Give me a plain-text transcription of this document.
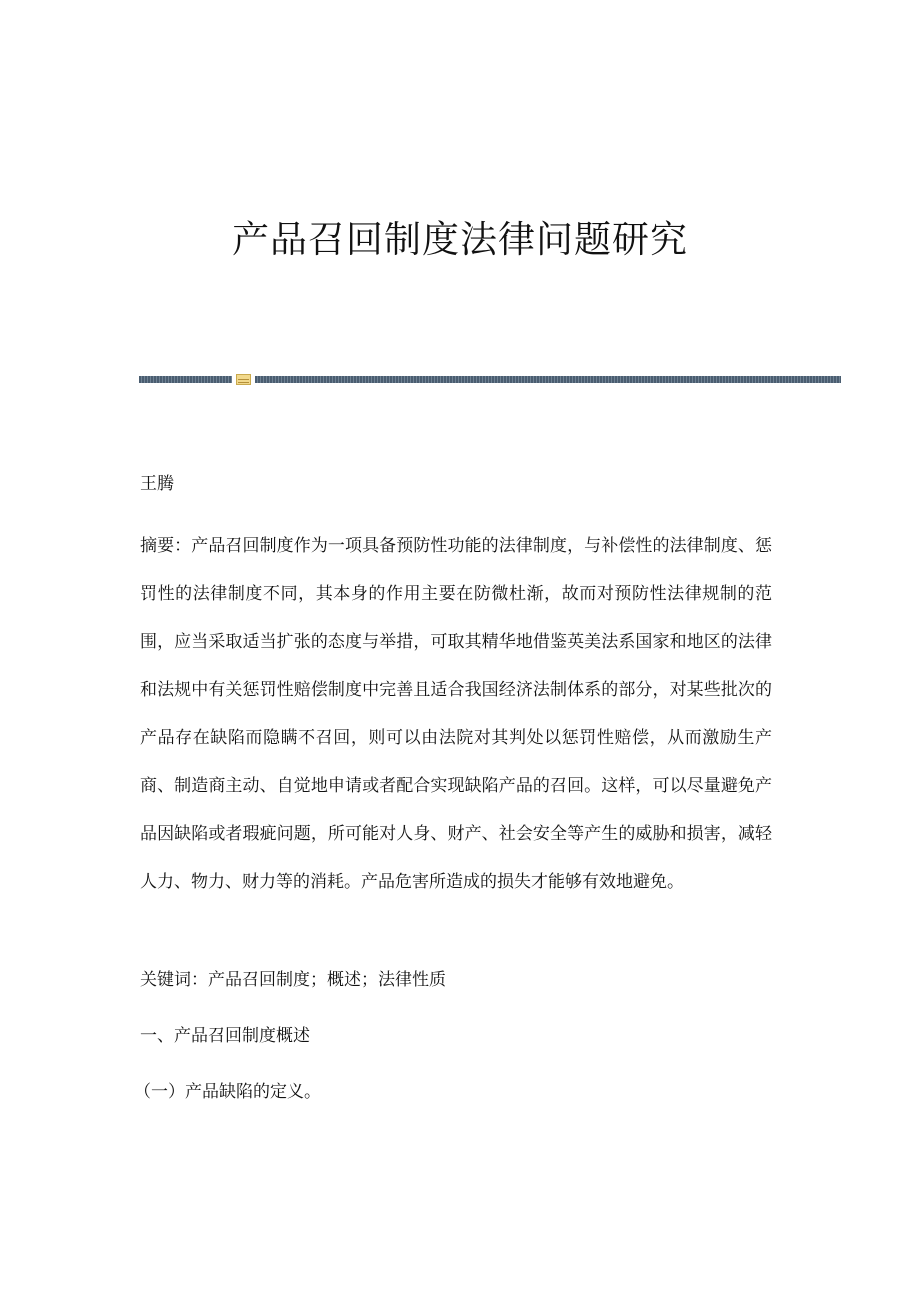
产品召回制度法律问题研究

王腾

摘要：产品召回制度作为一项具备预防性功能的法律制度，与补偿性的法律制度、惩罚性的法律制度不同，其本身的作用主要在防微杜渐，故而对预防性法律规制的范围，应当采取适当扩张的态度与举措，可取其精华地借鉴英美法系国家和地区的法律和法规中有关惩罚性赔偿制度中完善且适合我国经济法制体系的部分，对某些批次的产品存在缺陷而隐瞒不召回，则可以由法院对其判处以惩罚性赔偿，从而激励生产商、制造商主动、自觉地申请或者配合实现缺陷产品的召回。这样，可以尽量避免产品因缺陷或者瑕疵问题，所可能对人身、财产、社会安全等产生的威胁和损害，减轻人力、物力、财力等的消耗。产品危害所造成的损失才能够有效地避免。

关键词：产品召回制度；概述；法律性质

一、产品召回制度概述
（一）产品缺陷的定义。
